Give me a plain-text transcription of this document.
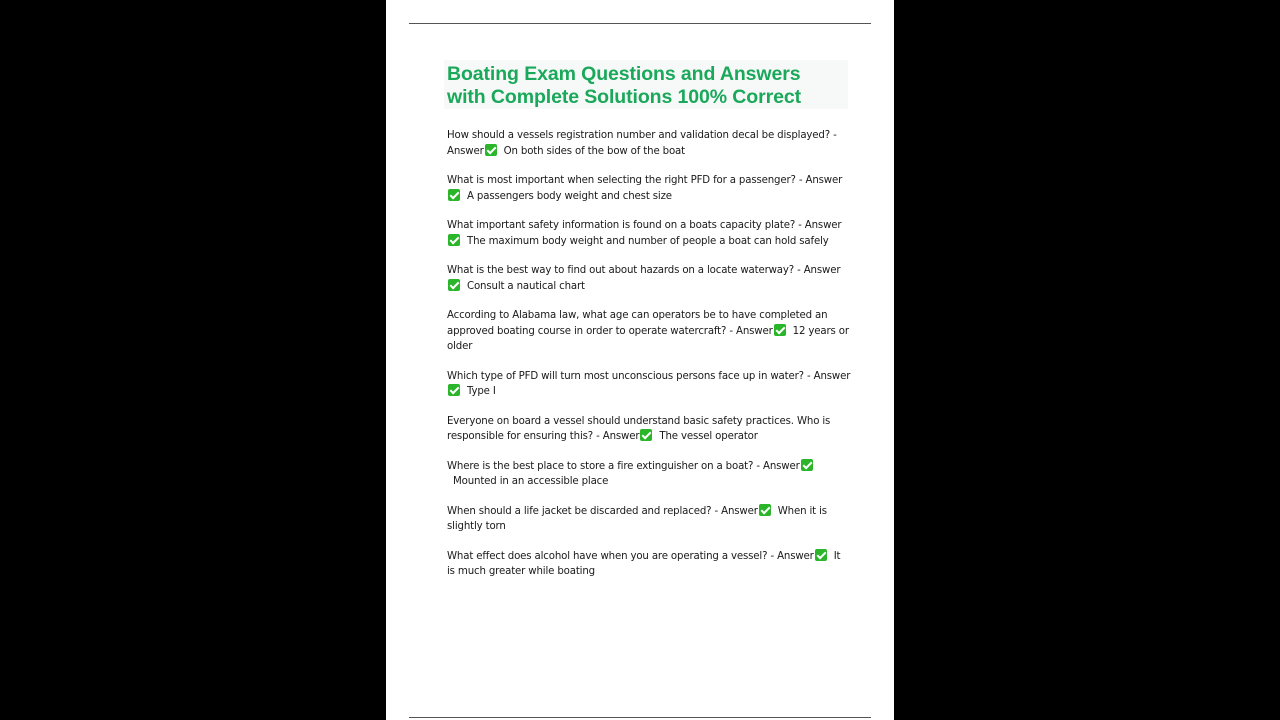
Boating Exam Questions and Answers
with Complete Solutions 100% Correct

How should a vessels registration number and validation decal be displayed? - Answer On both sides of the bow of the boat

What is most important when selecting the right PFD for a passenger? - AnswerA passengers body weight and chest size

What important safety information is found on a boats capacity plate? - AnswerThe maximum body weight and number of people a boat can hold safely

What is the best way to find out about hazards on a locate waterway? - AnswerConsult a nautical chart

According to Alabama law, what age can operators be to have completed an approved boating course in order to operate watercraft? - Answer 12 years or older

Which type of PFD will turn most unconscious persons face up in water? - AnswerType I

Everyone on board a vessel should understand basic safety practices. Who is responsible for ensuring this? - Answer The vessel operator

Where is the best place to store a fire extinguisher on a boat? - AnswerMounted in an accessible place

When should a life jacket be discarded and replaced? - Answer When it is slightly torn

What effect does alcohol have when you are operating a vessel? - Answer It is much greater while boating
